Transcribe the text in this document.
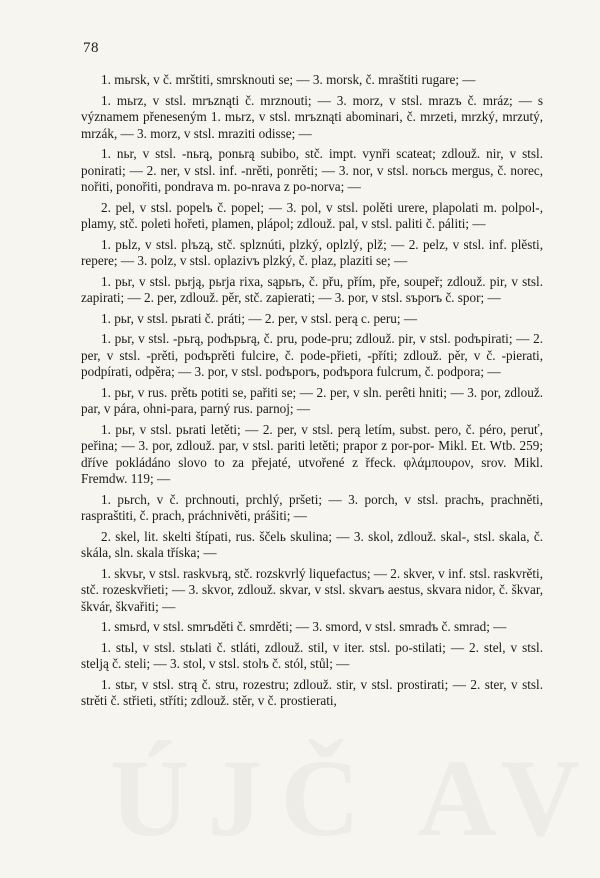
78

1. mьrsk, v č. mrštiti, smrsknouti se; — 3. morsk, č. mraštiti rugare; —

1. mьrz, v stsl. mrъznąti č. mrznouti; — 3. morz, v stsl. mrazъ č. mráz; — s významem přeneseným 1. mьrz, v stsl. mrъznąti abominari, č. mrzeti, mrzký, mrzutý, mrzák, — 3. morz, v stsl. mraziti odisse; —

1. nьr, v stsl. -nьrą, ponьrą subibo, stč. impt. vynři scateat; zdlouž. nir, v stsl. ponirati; — 2. ner, v stsl. inf. -nrěti, ponrěti; — 3. nor, v stsl. norьсь mergus, č. norec, nořiti, ponořiti, pondrava m. po-nrava z po-norva; —

2. pel, v stsl. popelъ č. popel; — 3. pol, v stsl. polěti urere, plapolati m. polpol-, plamy, stč. poleti hořeti, plamen, plápol; zdlouž. pal, v stsl. paliti č. páliti; —

1. pьlz, v stsl. plъzą, stč. splznúti, plzký, oplzlý, plž; — 2. pelz, v stsl. inf. plěsti, repere; — 3. polz, v stsl. oplazivъ plzký, č. plaz, plaziti se; —

1. pьr, v stsl. pьrją, pьrja rixa, sąpьrь, č. přu, přím, pře, soupeř; zdlouž. pir, v stsl. zapirati; — 2. per, zdlouž. pěr, stč. zapierati; — 3. por, v stsl. sъporъ č. spor; —

1. pьr, v stsl. pьrati č. práti; — 2. per, v stsl. perą c. peru; —

1. pьr, v stsl. -pьrą, podъpьrą, č. pru, pode-pru; zdlouž. pir, v stsl. podъpirati; — 2. per, v stsl. -prěti, podъprěti fulcire, č. pode-přieti, -příti; zdlouž. pěr, v č. -pierati, podpírati, odpěra; — 3. por, v stsl. podъporъ, podъpora fulcrum, č. podpora; —

1. pьr, v rus. prětь potiti se, pařiti se; — 2. per, v sln. perêti hniti; — 3. por, zdlouž. par, v pára, ohni-para, parný rus. parnoj; —

1. pьr, v stsl. pьrati letěti; — 2. per, v stsl. perą letím, subst. pero, č. péro, peruť, peřina; — 3. por, zdlouž. par, v stsl. pariti letěti; prapor z por-por- Mikl. Et. Wtb. 259; dříve pokládáno slovo to za přejaté, utvořené z řfeck. φλάμπουρον, srov. Mikl. Fremdw. 119; —

1. pьrch, v č. prchnouti, prchlý, pršeti; — 3. porch, v stsl. prachъ, prachněti, raspraštiti, č. prach, práchnivěti, prášiti; —

2. skel, lit. skelti štípati, rus. ščelь skulina; — 3. skol, zdlouž. skal-, stsl. skala, č. skála, sln. skala tříska; —

1. skvьr, v stsl. raskvьrą, stč. rozskvrlý liquefactus; — 2. skver, v inf. stsl. raskvrěti, stč. rozeskvřieti; — 3. skvor, zdlouž. skvar, v stsl. skvarъ aestus, skvara nidor, č. škvar, škvár, škvařiti; —

1. smьrd, v stsl. smrъděti č. smrděti; — 3. smord, v stsl. smradъ č. smrad; —

1. stьl, v stsl. stьlati č. stláti, zdlouž. stil, v iter. stsl. po-stilati; — 2. stel, v stsl. stelją č. steli; — 3. stol, v stsl. stolъ č. stól, stůl; —

1. stьr, v stsl. strą č. stru, rozestru; zdlouž. stir, v stsl. prostirati; — 2. ster, v stsl. strěti č. střieti, stříti; zdlouž. stěr, v č. prostierati,
